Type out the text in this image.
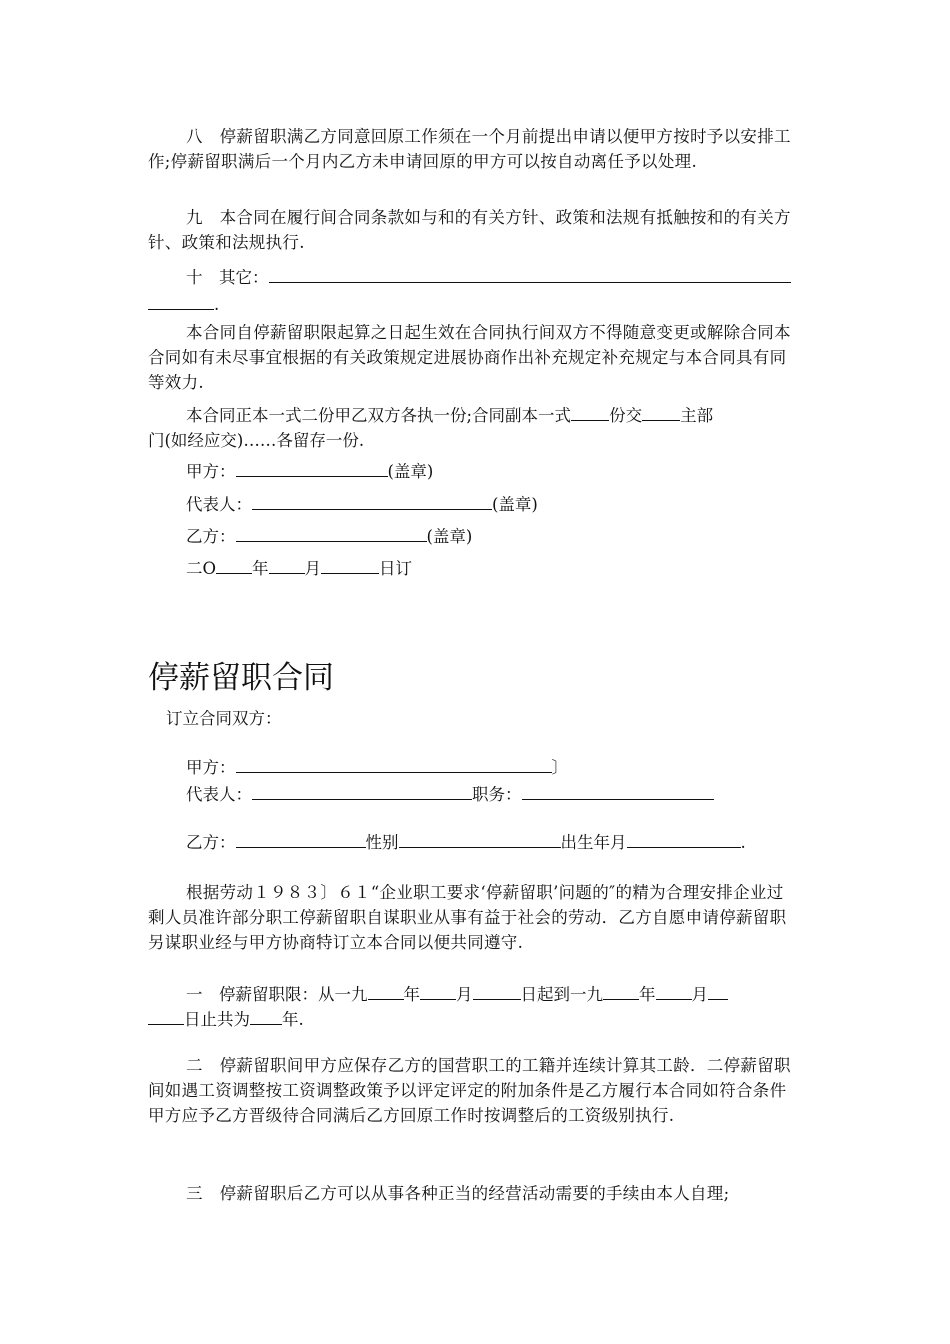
八　停薪留职满乙方同意回原工作须在一个月前提出申请以便甲方按时予以安排工作;停薪留职满后一个月内乙方未申请回原的甲方可以按自动离任予以处理.

九　本合同在履行间合同条款如与和的有关方针、政策和法规有抵触按和的有关方针、政策和法规执行.

十　其它：
.

本合同自停薪留职限起算之日起生效在合同执行间双方不得随意变更或解除合同本合同如有未尽事宜根据的有关政策规定进展协商作出补充规定补充规定与本合同具有同等效力.

本合同正本一式二份甲乙双方各执一份;合同副本一式 份交 主部
门(如经应交)……各留存一份.
甲方：	(盖章)
代表人：	(盖章)
乙方：	(盖章)
二O 年 月	日订
停薪留职合同
订立合同双方：
甲方：	〕
代表人：	职务：
乙方：	性别	出生年月	.

根据劳动１９８３〕６１“企业职工要求‘停薪留职’问题的″的精为合理安排企业过剩人员准许部分职工停薪留职自谋职业从事有益于社会的劳动．乙方自愿申请停薪留职另谋职业经与甲方协商特订立本合同以便共同遵守.

一　停薪留职限：从一九 年 月	日起到一九 年 月
日止共为 年.

二　停薪留职间甲方应保存乙方的国营职工的工籍并连续计算其工龄．二停薪留职间如遇工资调整按工资调整政策予以评定评定的附加条件是乙方履行本合同如符合条件甲方应予乙方晋级待合同满后乙方回原工作时按调整后的工资级别执行.

三　停薪留职后乙方可以从事各种正当的经营活动需要的手续由本人自理;
